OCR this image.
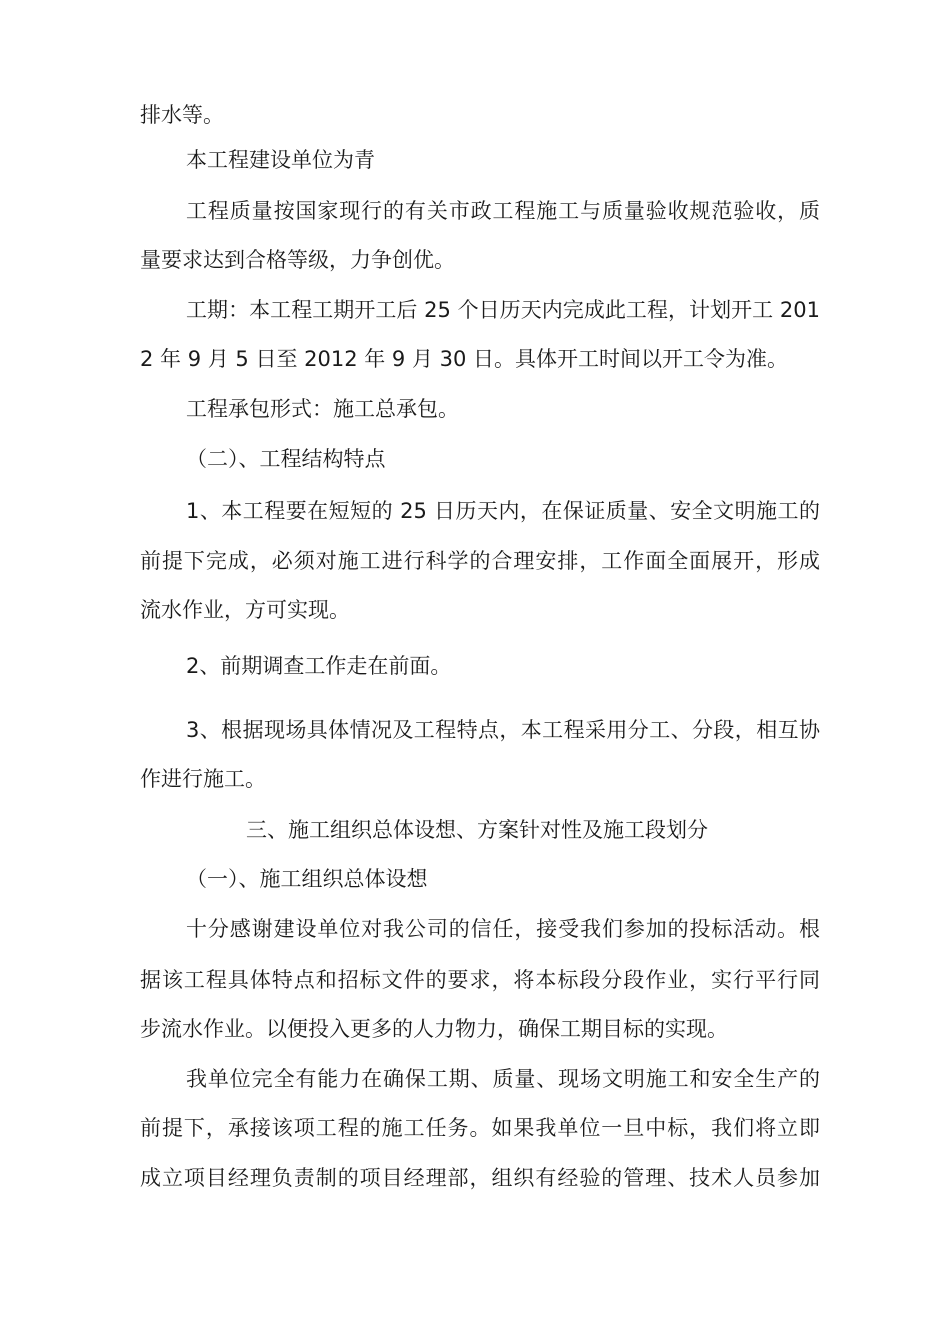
排水等。
本工程建设单位为青
工程质量按国家现行的有关市政工程施工与质量验收规范验收，质
量要求达到合格等级，力争创优。
工期：本工程工期开工后 25 个日历天内完成此工程，计划开工 201
2 年 9 月 5 日至 2012 年 9 月 30 日。具体开工时间以开工令为准。
工程承包形式：施工总承包。
（二）、工程结构特点
1、本工程要在短短的 25 日历天内，在保证质量、安全文明施工的
前提下完成，必须对施工进行科学的合理安排，工作面全面展开，形成
流水作业，方可实现。
2、前期调查工作走在前面。
3、根据现场具体情况及工程特点，本工程采用分工、分段，相互协
作进行施工。
三、施工组织总体设想、方案针对性及施工段划分
（一）、施工组织总体设想
十分感谢建设单位对我公司的信任，接受我们参加的投标活动。根
据该工程具体特点和招标文件的要求，将本标段分段作业，实行平行同
步流水作业。以便投入更多的人力物力，确保工期目标的实现。
我单位完全有能力在确保工期、质量、现场文明施工和安全生产的
前提下，承接该项工程的施工任务。如果我单位一旦中标，我们将立即
成立项目经理负责制的项目经理部，组织有经验的管理、技术人员参加
